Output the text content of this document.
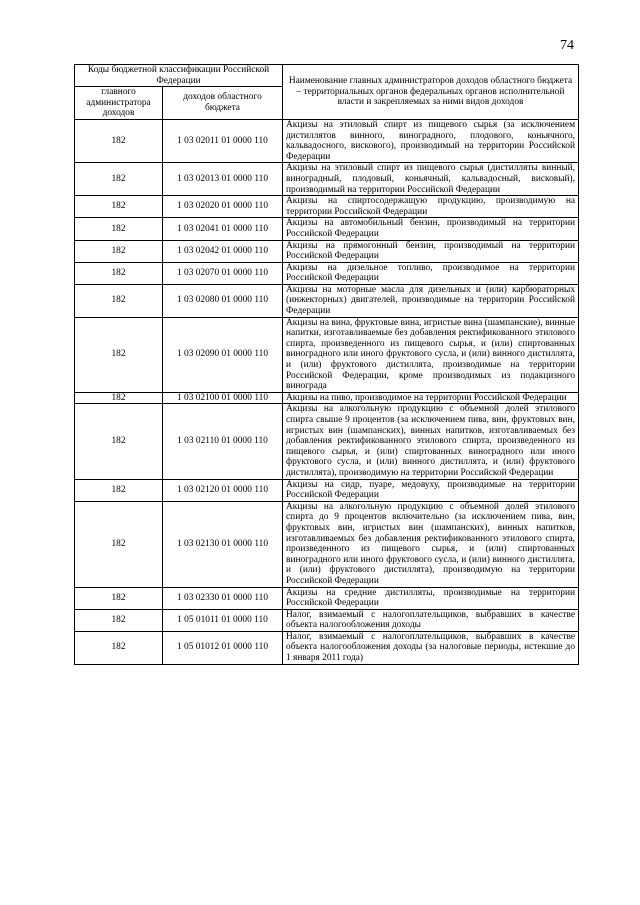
74
Коды бюджетной классификации Российской Федерации		Наименование главных администраторов доходов областного бюджета – территориальных органов федеральных органов исполнительной власти и закрепляемых за ними видов доходов
главного администратора доходов	доходов областного бюджета	
182	1 03 02011 01 0000 110	Акцизы на этиловый спирт из пищевого сырья (за исключением дистиллятов винного, виноградного, плодового, коньячного, кальвадосного, вискового), производимый на территории Российской Федерации
182	1 03 02013 01 0000 110	Акцизы на этиловый спирт из пищевого сырья (дистилляты винный, виноградный, плодовый, коньячный, кальвадосный, висковый), производимый на территории Российской Федерации
182	1 03 02020 01 0000 110	Акцизы на спиртосодержащую продукцию, производимую на территории Российской Федерации
182	1 03 02041 01 0000 110	Акцизы на автомобильный бензин, производимый на территории Российской Федерации
182	1 03 02042 01 0000 110	Акцизы на прямогонный бензин, производимый на территории Российской Федерации
182	1 03 02070 01 0000 110	Акцизы на дизельное топливо, производимое на территории Российской Федерации
182	1 03 02080 01 0000 110	Акцизы на моторные масла для дизельных и (или) карбюраторных (инжекторных) двигателей, производимые на территории Российской Федерации
182	1 03 02090 01 0000 110	Акцизы на вина, фруктовые вина, игристые вина (шампанские), винные напитки, изготавливаемые без добавления ректификованного этилового спирта, произведенного из пищевого сырья, и (или) спиртованных виноградного или иного фруктового сусла, и (или) винного дистиллята, и (или) фруктового дистиллята, производимые на территории Российской Федерации, кроме производимых из подакцизного винограда
182	1 03 02100 01 0000 110	Акцизы на пиво, производимое на территории Российской Федерации
182	1 03 02110 01 0000 110	Акцизы на алкогольную продукцию с объемной долей этилового спирта свыше 9 процентов (за исключением пива, вин, фруктовых вин, игристых вин (шампанских), винных напитков, изготавливаемых без добавления ректификованного этилового спирта, произведенного из пищевого сырья, и (или) спиртованных виноградного или иного фруктового сусла, и (или) винного дистиллята, и (или) фруктового дистиллята), производимую на территории Российской Федерации
182	1 03 02120 01 0000 110	Акцизы на сидр, пуаре, медовуху, производимые на территории Российской Федерации
182	1 03 02130 01 0000 110	Акцизы на алкогольную продукцию с объемной долей этилового спирта до 9 процентов включительно (за исключением пива, вин, фруктовых вин, игристых вин (шампанских), винных напитков, изготавливаемых без добавления ректификованного этилового спирта, произведенного из пищевого сырья, и (или) спиртованных виноградного или иного фруктового сусла, и (или) винного дистиллята, и (или) фруктового дистиллята), производимую на территории Российской Федерации
182	1 03 02330 01 0000 110	Акцизы на средние дистилляты, производимые на территории Российской Федерации
182	1 05 01011 01 0000 110	Налог, взимаемый с налогоплательщиков, выбравших в качестве объекта налогообложения доходы
182	1 05 01012 01 0000 110	Налог, взимаемый с налогоплательщиков, выбравших в качестве объекта налогообложения доходы (за налоговые периоды, истекшие до 1 января 2011 года)
